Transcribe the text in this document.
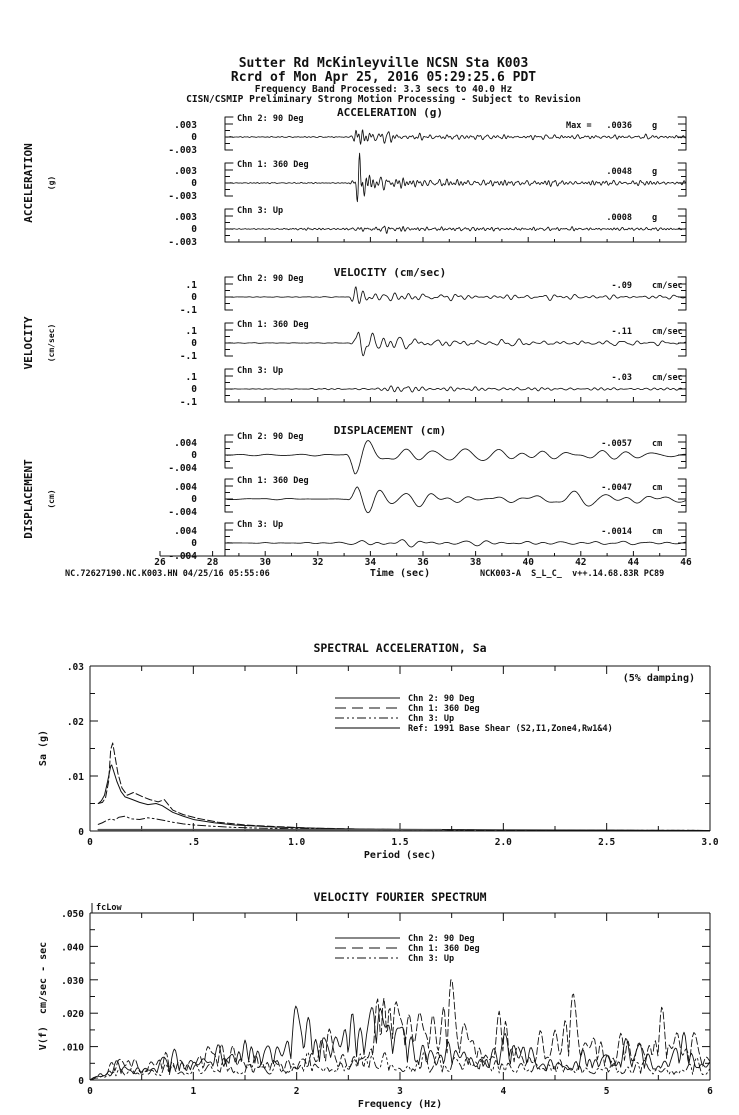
Sutter Rd McKinleyville NCSN Sta K003
Rcrd of Mon Apr 25, 2016 05:29:25.6 PDT
Frequency Band Processed: 3.3 secs to 40.0 Hz
CISN/CSMIP Preliminary Strong Motion Processing - Subject to Revision
ACCELERATION (g)
ACCELERATION (g)
.003
0
-.003
Chn 2: 90 Deg
Max = .0036 g
.003
0
-.003
Chn 1: 360 Deg
.0048 g
.003
0
-.003
Chn 3: Up
.0008 g
VELOCITY (cm/sec)
VELOCITY (cm/sec)
.1
0
-.1
Chn 2: 90 Deg
-.09 cm/sec
.1
0
-.1
Chn 1: 360 Deg
-.11 cm/sec
.1
0
-.1
Chn 3: Up
-.03 cm/sec
DISPLACEMENT (cm)
DISPLACEMENT (cm)
.004
0
-.004
Chn 2: 90 Deg
-.0057 cm
.004
0
-.004
Chn 1: 360 Deg
-.0047 cm
.004
0
-.004
Chn 3: Up
-.0014 cm
26	28	30	32	34	36	38	40	42	44	46
NC.72627190.NC.K003.HN 04/25/16 05:55:06	Time (sec)	NCK003-A  S_L_C_  v++.14.68.83R PC89
SPECTRAL ACCELERATION, Sa
0
.01
.02
.03
0	.5	1.0	1.5	2.0	2.5	3.0
Sa (g)
Period (sec)
(5% damping)
Chn 2: 90 Deg
Chn 1: 360 Deg
Chn 3: Up
Ref: 1991 Base Shear (S2,I1,Zone4,Rw1&4)
VELOCITY FOURIER SPECTRUM
0
.010
.020
.030
.040
.050
0	1	2	3	4	5	6
V(f)  cm/sec - sec
Frequency (Hz)
fcLow
Chn 2: 90 Deg
Chn 1: 360 Deg
Chn 3: Up
